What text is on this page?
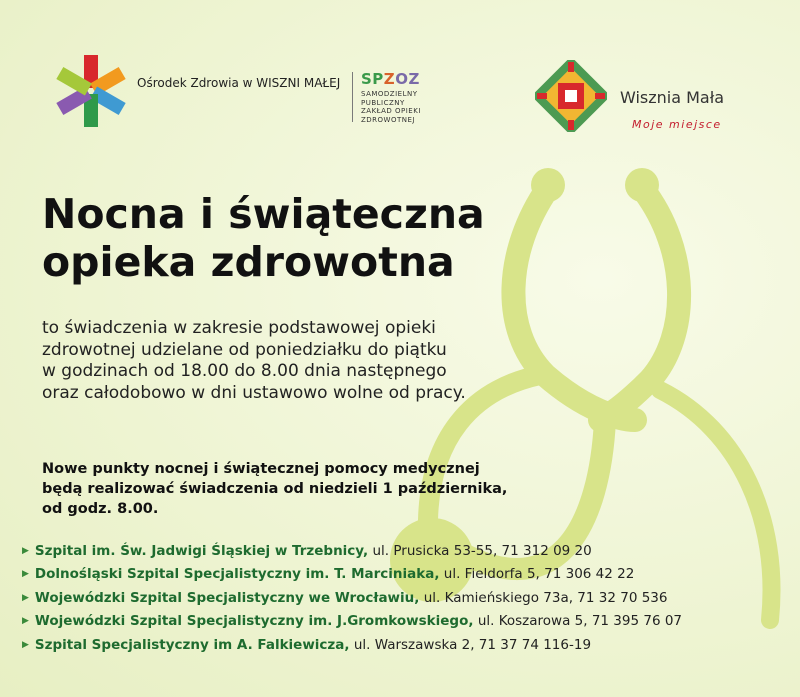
Ośrodek Zdrowia w WISZNI MAŁEJ SPZOZ
SAMODZIELNY
PUBLICZNY
ZAKŁAD OPIEKI
ZDROWOTNEJ
Wisznia Mała
Moje miejsce
Nocna i świąteczna
opieka zdrowotna
to świadczenia w zakresie podstawowej opieki
zdrowotnej udzielane od poniedziałku do piątku
w godzinach od 18.00 do 8.00 dnia następnego
oraz całodobowo w dni ustawowo wolne od pracy.
Nowe punkty nocnej i świątecznej pomocy medycznej
będą realizować świadczenia od niedzieli 1 października,
od godz. 8.00.
▶ Szpital im. Św. Jadwigi Śląskiej w Trzebnicy,
ul. Prusicka 53-55, 71 312 09 20
▶ Dolnośląski Szpital Specjalistyczny im. T. Marciniaka,
ul. Fieldorfa 5, 71 306 42 22
▶ Wojewódzki Szpital Specjalistyczny we Wrocławiu,
ul. Kamieńskiego 73a, 71 32 70 536
▶ Wojewódzki Szpital Specjalistyczny im. J.Gromkowskiego,
ul. Koszarowa 5, 71 395 76 07
▶ Szpital Specjalistyczny im A. Falkiewicza,
ul. Warszawska 2, 71 37 74 116-19
